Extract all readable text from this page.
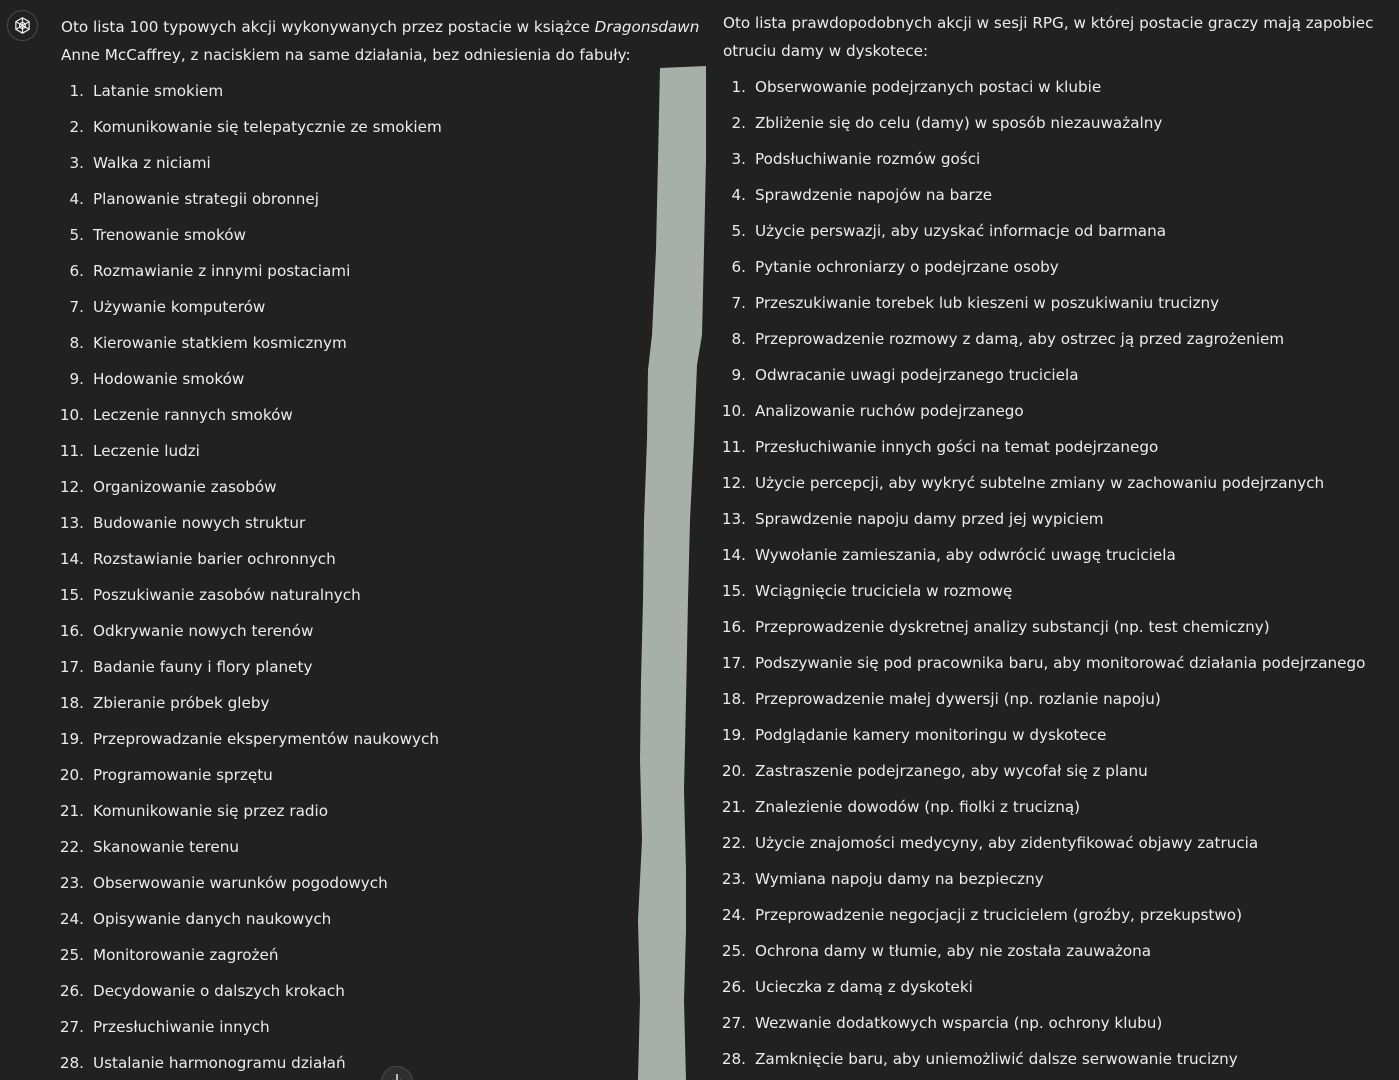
Oto lista 100 typowych akcji wykonywanych przez postacie w książce Dragonsdawn Anne McCaffrey, z naciskiem na same działania, bez odniesienia do fabuły:

1. Latanie smokiem
2. Komunikowanie się telepatycznie ze smokiem
3. Walka z niciami
4. Planowanie strategii obronnej
5. Trenowanie smoków
6. Rozmawianie z innymi postaciami
7. Używanie komputerów
8. Kierowanie statkiem kosmicznym
9. Hodowanie smoków
10. Leczenie rannych smoków
11. Leczenie ludzi
12. Organizowanie zasobów
13. Budowanie nowych struktur
14. Rozstawianie barier ochronnych
15. Poszukiwanie zasobów naturalnych
16. Odkrywanie nowych terenów
17. Badanie fauny i flory planety
18. Zbieranie próbek gleby
19. Przeprowadzanie eksperymentów naukowych
20. Programowanie sprzętu
21. Komunikowanie się przez radio
22. Skanowanie terenu
23. Obserwowanie warunków pogodowych
24. Opisywanie danych naukowych
25. Monitorowanie zagrożeń
26. Decydowanie o dalszych krokach
27. Przesłuchiwanie innych
28. Ustalanie harmonogramu działań

Oto lista prawdopodobnych akcji w sesji RPG, w której postacie graczy mają zapobiec otruciu damy w dyskotece:

1. Obserwowanie podejrzanych postaci w klubie
2. Zbliżenie się do celu (damy) w sposób niezauważalny
3. Podsłuchiwanie rozmów gości
4. Sprawdzenie napojów na barze
5. Użycie perswazji, aby uzyskać informacje od barmana
6. Pytanie ochroniarzy o podejrzane osoby
7. Przeszukiwanie torebek lub kieszeni w poszukiwaniu trucizny
8. Przeprowadzenie rozmowy z damą, aby ostrzec ją przed zagrożeniem
9. Odwracanie uwagi podejrzanego truciciela
10. Analizowanie ruchów podejrzanego
11. Przesłuchiwanie innych gości na temat podejrzanego
12. Użycie percepcji, aby wykryć subtelne zmiany w zachowaniu podejrzanych
13. Sprawdzenie napoju damy przed jej wypiciem
14. Wywołanie zamieszania, aby odwrócić uwagę truciciela
15. Wciągnięcie truciciela w rozmowę
16. Przeprowadzenie dyskretnej analizy substancji (np. test chemiczny)
17. Podszywanie się pod pracownika baru, aby monitorować działania podejrzanego
18. Przeprowadzenie małej dywersji (np. rozlanie napoju)
19. Podglądanie kamery monitoringu w dyskotece
20. Zastraszenie podejrzanego, aby wycofał się z planu
21. Znalezienie dowodów (np. fiolki z trucizną)
22. Użycie znajomości medycyny, aby zidentyfikować objawy zatrucia
23. Wymiana napoju damy na bezpieczny
24. Przeprowadzenie negocjacji z trucicielem (groźby, przekupstwo)
25. Ochrona damy w tłumie, aby nie została zauważona
26. Ucieczka z damą z dyskoteki
27. Wezwanie dodatkowych wsparcia (np. ochrony klubu)
28. Zamknięcie baru, aby uniemożliwić dalsze serwowanie trucizny
